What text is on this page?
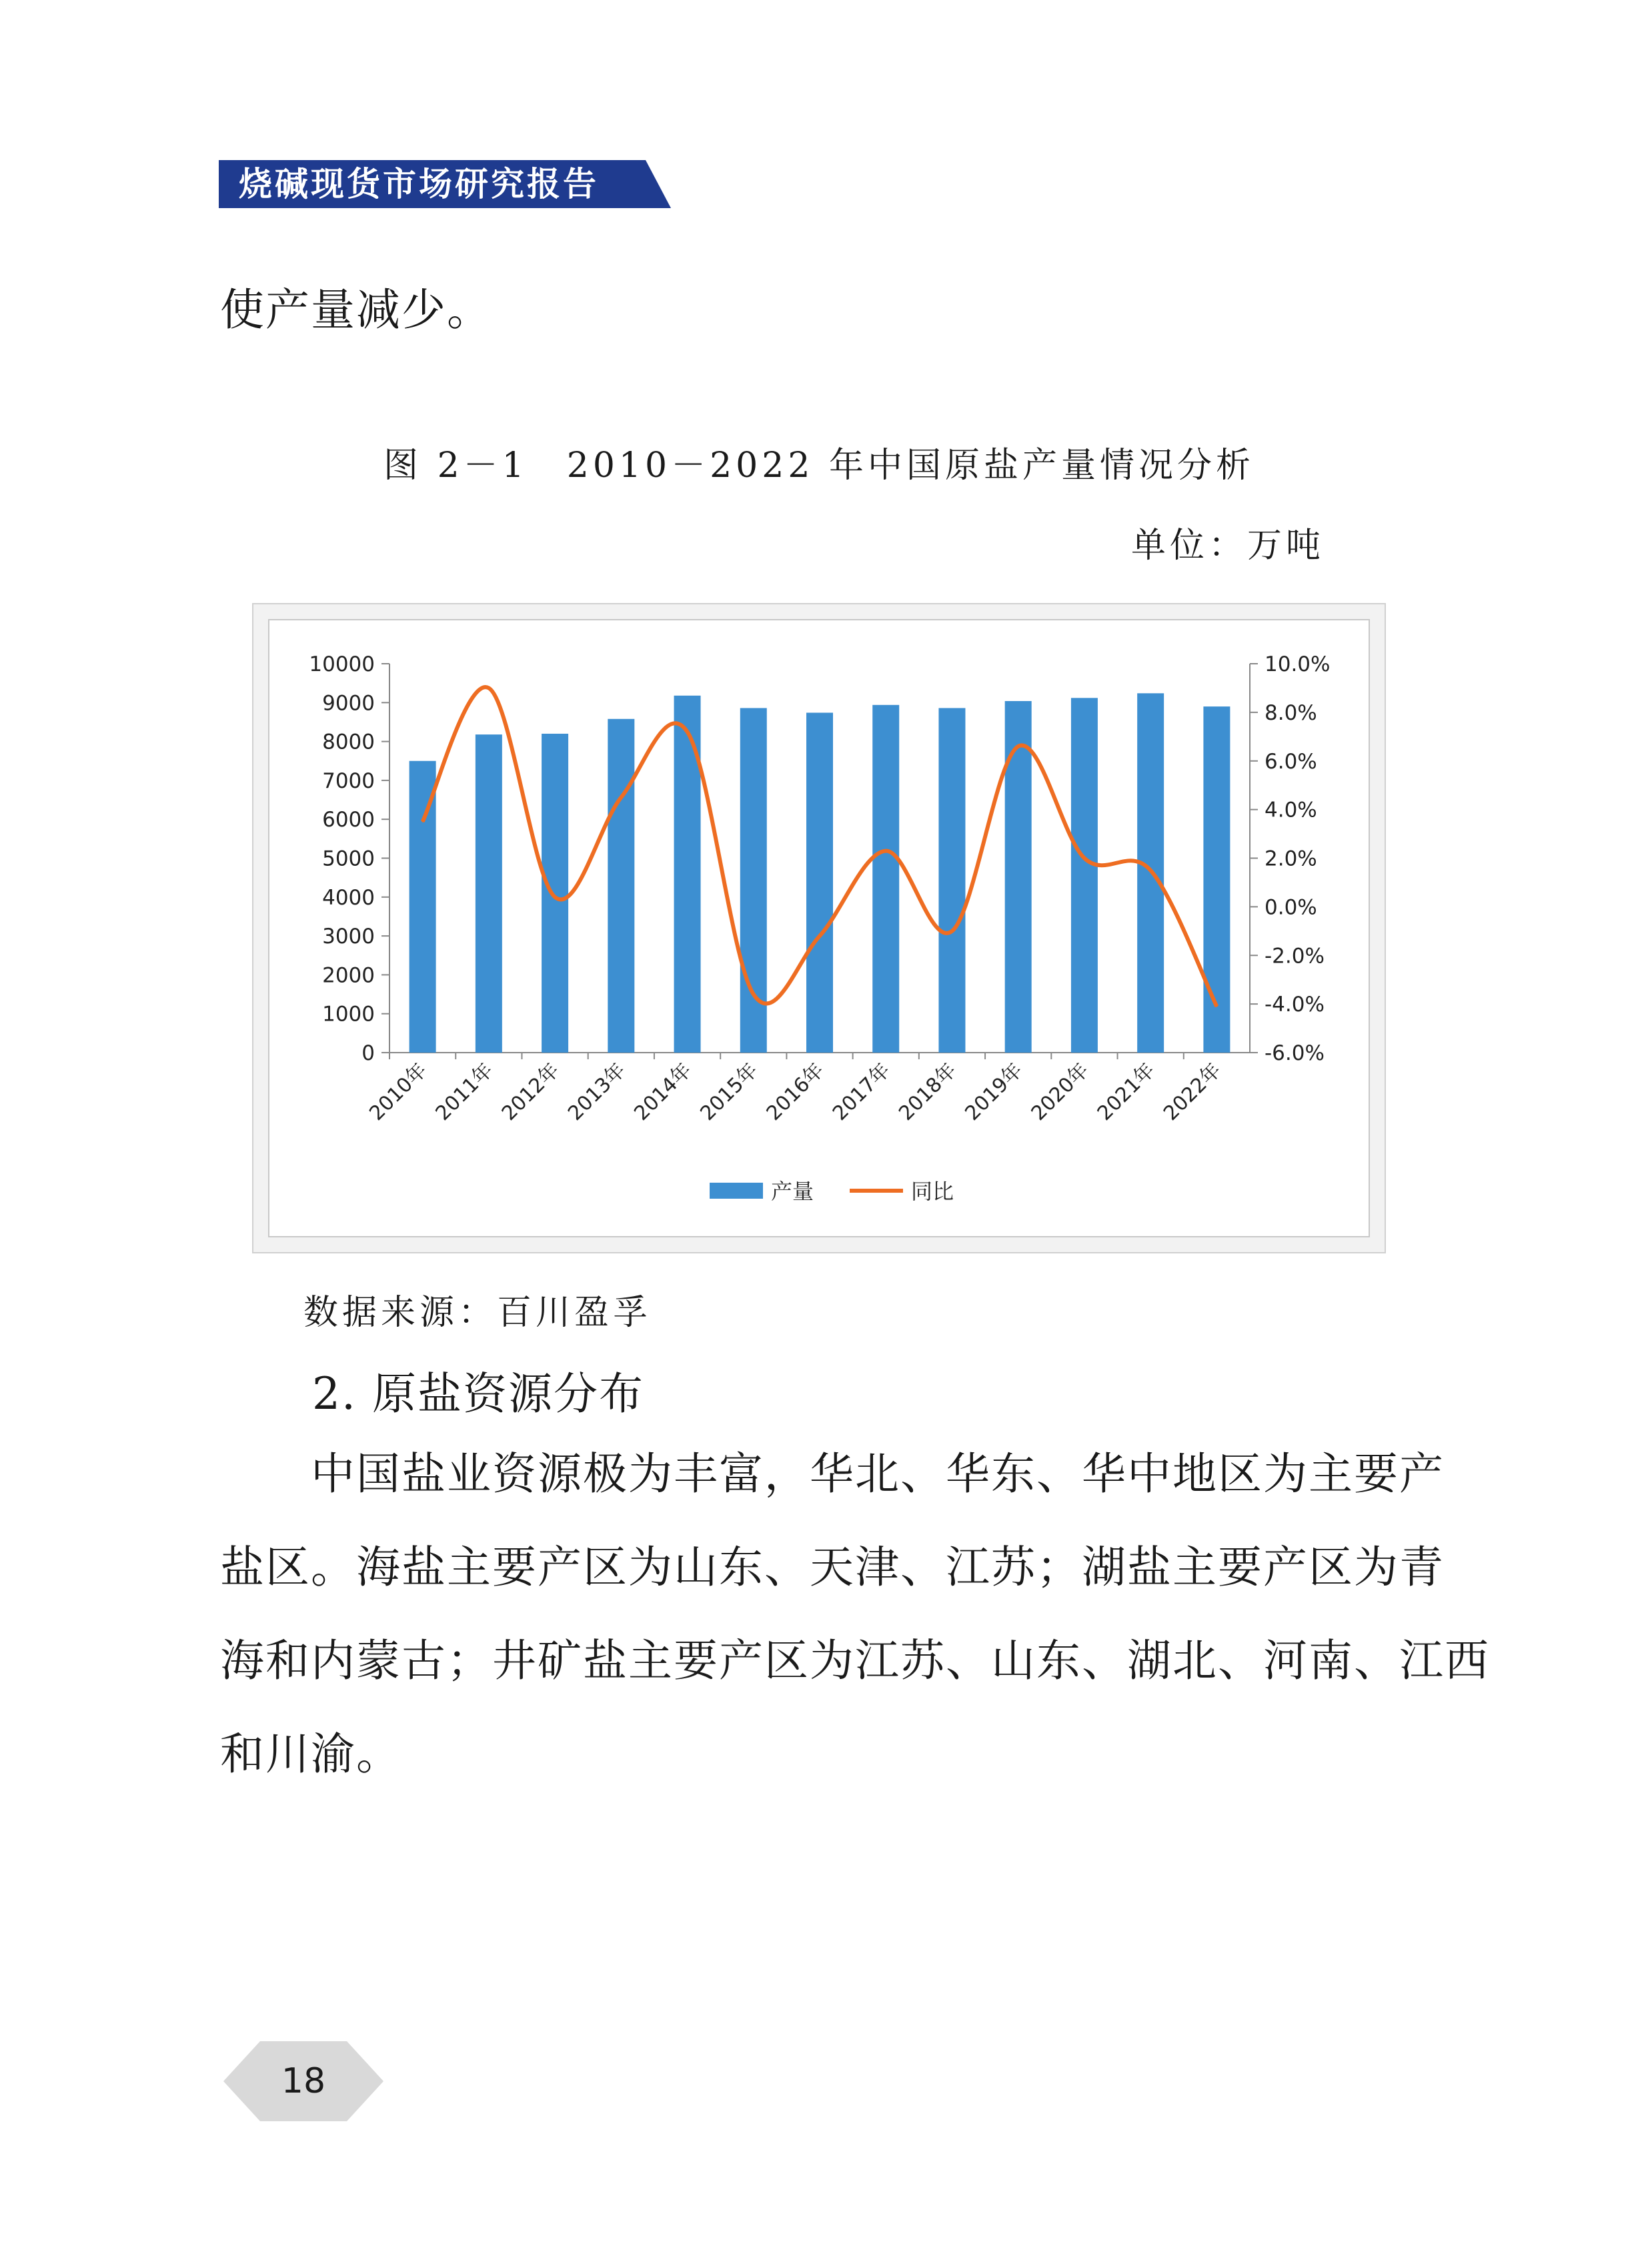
烧碱现货市场研究报告
使产量减少。
图 2－1　2010－2022 年中国原盐产量情况分析
单位：万吨
10000
9000
8000
7000
6000
5000
4000
3000
2000
1000
0
10.0%
8.0%
6.0%
4.0%
2.0%
0.0%
-2.0%
-4.0%
-6.0%
2010年 2011年 2012年 2013年 2014年 2015年 2016年 2017年 2018年 2019年 2020年 2021年 2022年
产量	同比
数据来源：百川盈孚
2. 原盐资源分布
　　中国盐业资源极为丰富，华北、华东、华中地区为主要产
盐区。海盐主要产区为山东、天津、江苏；湖盐主要产区为青
海和内蒙古；井矿盐主要产区为江苏、山东、湖北、河南、江西
和川渝。
18
